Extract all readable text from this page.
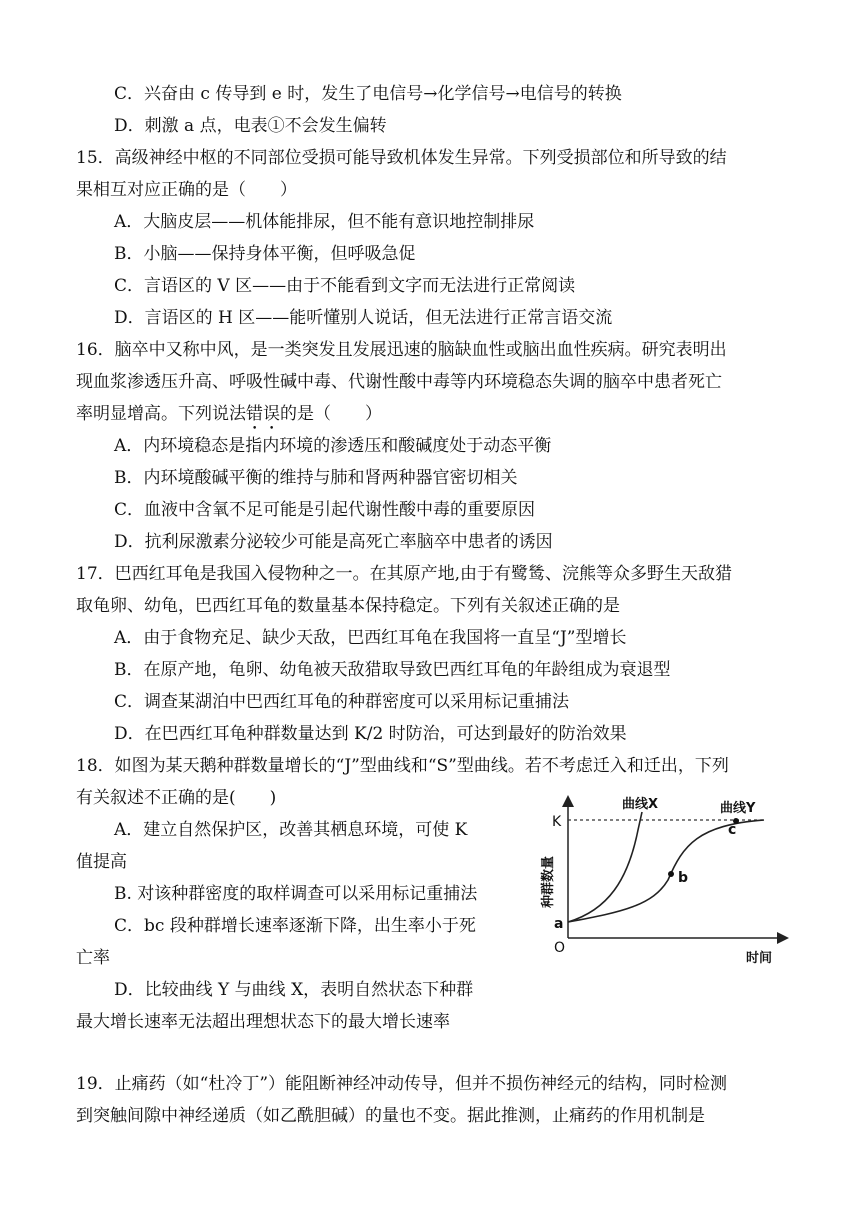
C．兴奋由 c 传导到 e 时，发生了电信号→化学信号→电信号的转换
D．刺激 a 点，电表①不会发生偏转
15．高级神经中枢的不同部位受损可能导致机体发生异常。下列受损部位和所导致的结
果相互对应正确的是（　　）
A．大脑皮层——机体能排尿，但不能有意识地控制排尿
B．小脑——保持身体平衡，但呼吸急促
C．言语区的 V 区——由于不能看到文字而无法进行正常阅读
D．言语区的 H 区——能听懂别人说话，但无法进行正常言语交流
16．脑卒中又称中风，是一类突发且发展迅速的脑缺血性或脑出血性疾病。研究表明出
现血浆渗透压升高、呼吸性碱中毒、代谢性酸中毒等内环境稳态失调的脑卒中患者死亡
率明显增高。下列说法错误的是（　　）
A．内环境稳态是指内环境的渗透压和酸碱度处于动态平衡
B．内环境酸碱平衡的维持与肺和肾两种器官密切相关
C．血液中含氧不足可能是引起代谢性酸中毒的重要原因
D．抗利尿激素分泌较少可能是高死亡率脑卒中患者的诱因
17．巴西红耳龟是我国入侵物种之一。在其原产地,由于有鹭鸶、浣熊等众多野生天敌猎
取龟卵、幼龟，巴西红耳龟的数量基本保持稳定。下列有关叙述正确的是
A．由于食物充足、缺少天敌，巴西红耳龟在我国将一直呈“J”型增长
B．在原产地，龟卵、幼龟被天敌猎取导致巴西红耳龟的年龄组成为衰退型
C．调查某湖泊中巴西红耳龟的种群密度可以采用标记重捕法
D．在巴西红耳龟种群数量达到 K/2 时防治，可达到最好的防治效果
18．如图为某天鹅种群数量增长的“J”型曲线和“S”型曲线。若不考虑迁入和迁出，下列
有关叙述不正确的是(　　)
A．建立自然保护区，改善其栖息环境，可使 K
值提高
B. 对该种群密度的取样调查可以采用标记重捕法
C．bc 段种群增长速率逐渐下降，出生率小于死
亡率
D．比较曲线 Y 与曲线 X，表明自然状态下种群
最大增长速率无法超出理想状态下的最大增长速率
19．止痛药（如“杜冷丁”）能阻断神经冲动传导，但并不损伤神经元的结构，同时检测
到突触间隙中神经递质（如乙酰胆碱）的量也不变。据此推测，止痛药的作用机制是
曲线X	曲线Y
K
a
b
c
O
时间
种群数量
